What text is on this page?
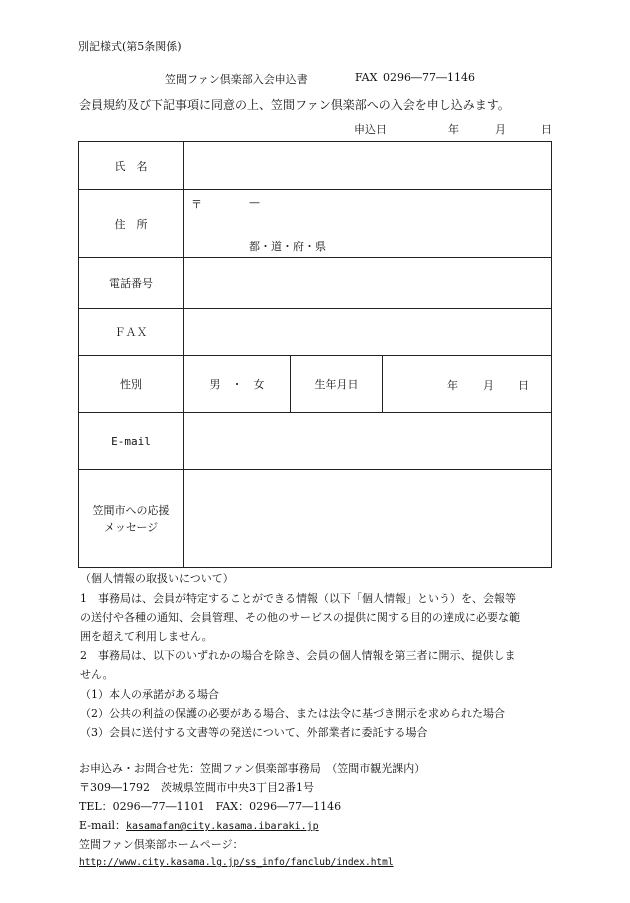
別記様式(第5条関係)
笠間ファン倶楽部入会申込書	FAX 0296―77―1146
会員規約及び下記事項に同意の上、笠間ファン倶楽部への入会を申し込みます。
申込日	年	月	日
氏　名			
住　所	〒 —
都・道・府・県		

電話番号			
ＦＡＸ			
性別	男　・　女	生年月日	年 月 日

E-mail			

笠間市への応援
メッセージ			

（個人情報の取扱いについて）
1　事務局は、会員が特定することができる情報（以下「個人情報」という）を、会報等
の送付や各種の通知、会員管理、その他のサービスの提供に関する目的の達成に必要な範
囲を超えて利用しません。
2　事務局は、以下のいずれかの場合を除き、会員の個人情報を第三者に開示、提供しま
せん。
（1）本人の承諾がある場合
（2）公共の利益の保護の必要がある場合、または法令に基づき開示を求められた場合
（3）会員に送付する文書等の発送について、外部業者に委託する場合
お申込み・お問合せ先：笠間ファン倶楽部事務局　（笠間市観光課内）
〒309―1792　茨城県笠間市中央3丁目2番1号
TEL：0296―77―1101　FAX：0296―77―1146
E-mail：kasamafan@city.kasama.ibaraki.jp
笠間ファン倶楽部ホームページ：
http://www.city.kasama.lg.jp/ss_info/fanclub/index.html
